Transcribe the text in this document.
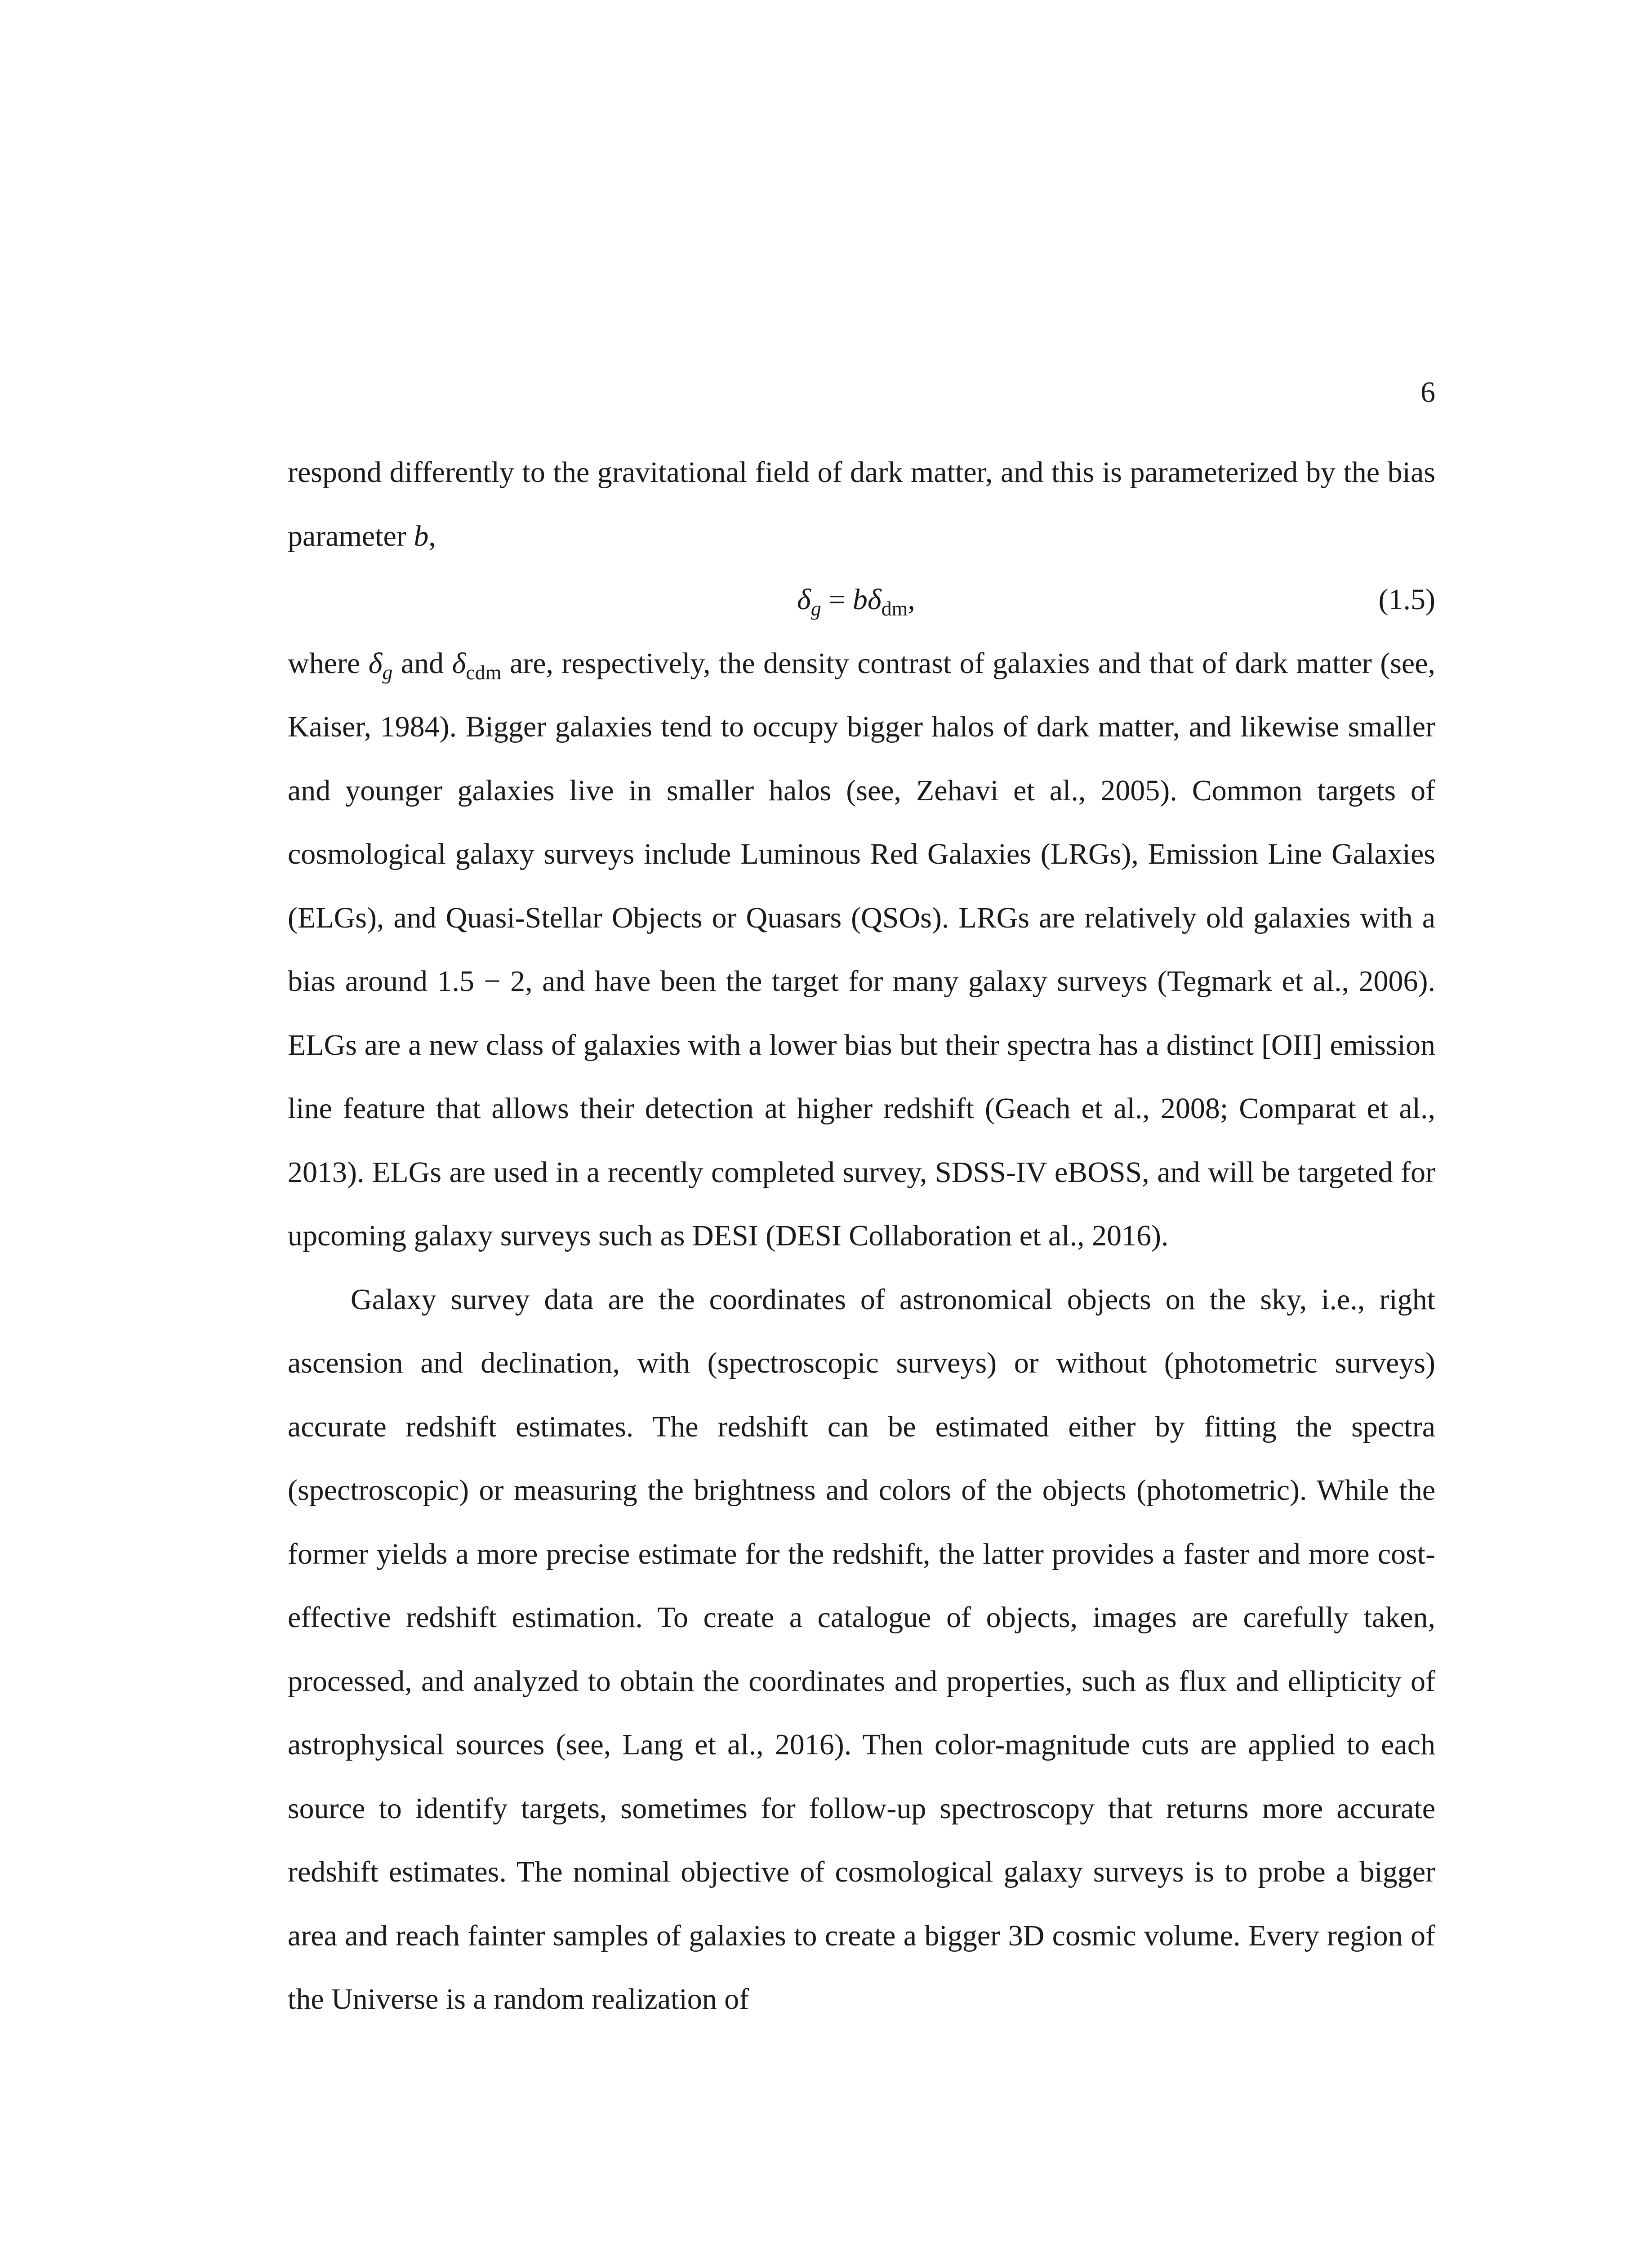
6

respond differently to the gravitational field of dark matter, and this is parameterized by the bias parameter b,

$\delta_g = b\delta_{dm}$,	(1.5)

where $\delta_g$ and $\delta_{cdm}$ are, respectively, the density contrast of galaxies and that of dark matter (see, Kaiser, 1984). Bigger galaxies tend to occupy bigger halos of dark matter, and likewise smaller and younger galaxies live in smaller halos (see, Zehavi et al., 2005). Common targets of cosmological galaxy surveys include Luminous Red Galaxies (LRGs), Emission Line Galaxies (ELGs), and Quasi-Stellar Objects or Quasars (QSOs). LRGs are relatively old galaxies with a bias around 1.5 − 2, and have been the target for many galaxy surveys (Tegmark et al., 2006). ELGs are a new class of galaxies with a lower bias but their spectra has a distinct [OII] emission line feature that allows their detection at higher redshift (Geach et al., 2008; Comparat et al., 2013). ELGs are used in a recently completed survey, SDSS-IV eBOSS, and will be targeted for upcoming galaxy surveys such as DESI (DESI Collaboration et al., 2016).

Galaxy survey data are the coordinates of astronomical objects on the sky, i.e., right ascension and declination, with (spectroscopic surveys) or without (photometric surveys) accurate redshift estimates. The redshift can be estimated either by fitting the spectra (spectroscopic) or measuring the brightness and colors of the objects (photometric). While the former yields a more precise estimate for the redshift, the latter provides a faster and more cost-effective redshift estimation. To create a catalogue of objects, images are carefully taken, processed, and analyzed to obtain the coordinates and properties, such as flux and ellipticity of astrophysical sources (see, Lang et al., 2016). Then color-magnitude cuts are applied to each source to identify targets, sometimes for follow-up spectroscopy that returns more accurate redshift estimates. The nominal objective of cosmological galaxy surveys is to probe a bigger area and reach fainter samples of galaxies to create a bigger 3D cosmic volume. Every region of the Universe is a random realization of
